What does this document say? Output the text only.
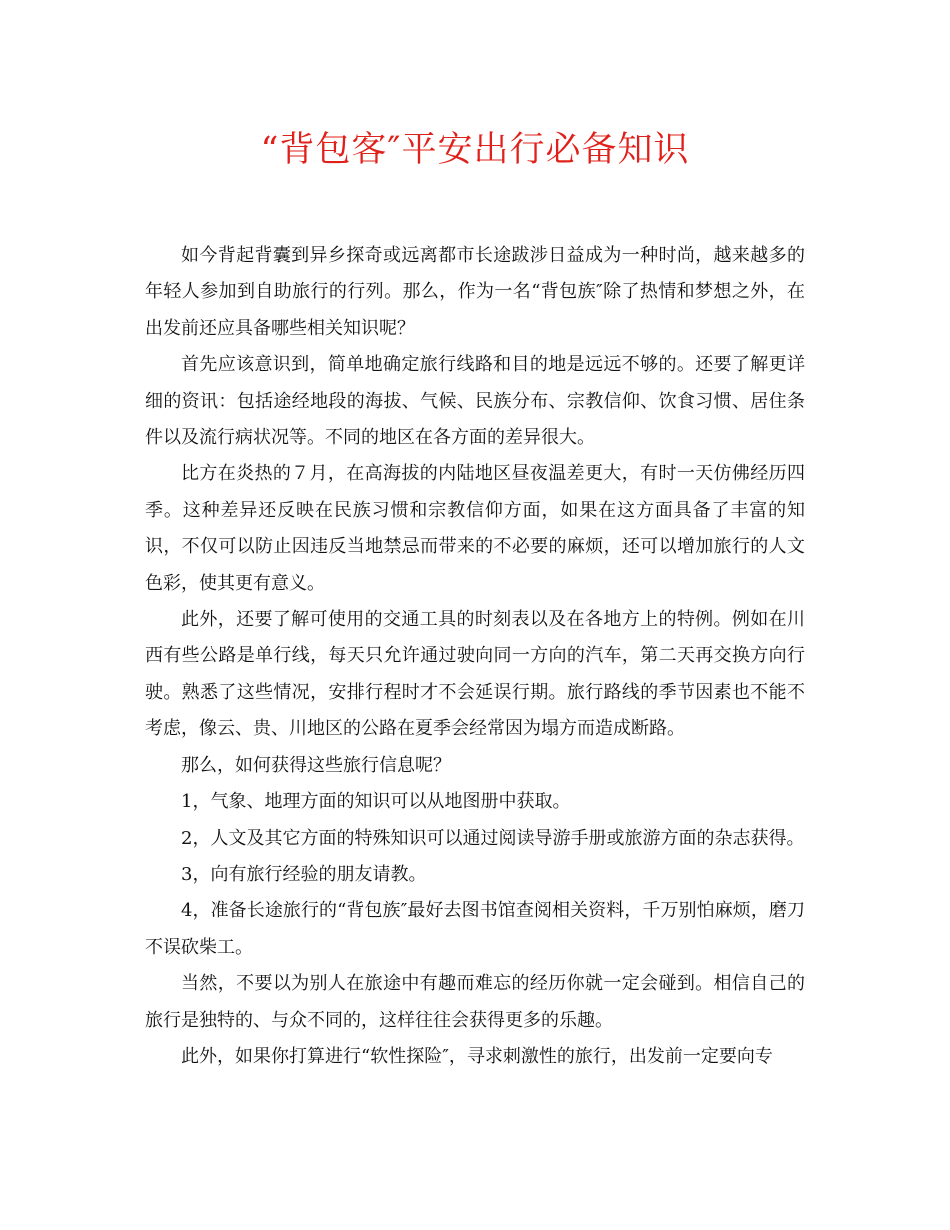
“背包客″平安出行必备知识

如今背起背囊到异乡探奇或远离都市长途跋涉日益成为一种时尚，越来越多的年轻人参加到自助旅行的行列。那么，作为一名“背包族″除了热情和梦想之外，在出发前还应具备哪些相关知识呢？

首先应该意识到，简单地确定旅行线路和目的地是远远不够的。还要了解更详细的资讯：包括途经地段的海拔、气候、民族分布、宗教信仰、饮食习惯、居住条件以及流行病状况等。不同的地区在各方面的差异很大。

比方在炎热的７月，在高海拔的内陆地区昼夜温差更大，有时一天仿佛经历四季。这种差异还反映在民族习惯和宗教信仰方面，如果在这方面具备了丰富的知识，不仅可以防止因违反当地禁忌而带来的不必要的麻烦，还可以增加旅行的人文色彩，使其更有意义。

此外，还要了解可使用的交通工具的时刻表以及在各地方上的特例。例如在川西有些公路是单行线，每天只允许通过驶向同一方向的汽车，第二天再交换方向行驶。熟悉了这些情况，安排行程时才不会延误行期。旅行路线的季节因素也不能不考虑，像云、贵、川地区的公路在夏季会经常因为塌方而造成断路。

那么，如何获得这些旅行信息呢？

1，气象、地理方面的知识可以从地图册中获取。

2，人文及其它方面的特殊知识可以通过阅读导游手册或旅游方面的杂志获得。

3，向有旅行经验的朋友请教。

4，准备长途旅行的“背包族″最好去图书馆查阅相关资料，千万别怕麻烦，磨刀不误砍柴工。

当然，不要以为别人在旅途中有趣而难忘的经历你就一定会碰到。相信自己的旅行是独特的、与众不同的，这样往往会获得更多的乐趣。

此外，如果你打算进行“软性探险″，寻求刺激性的旅行，出发前一定要向专
